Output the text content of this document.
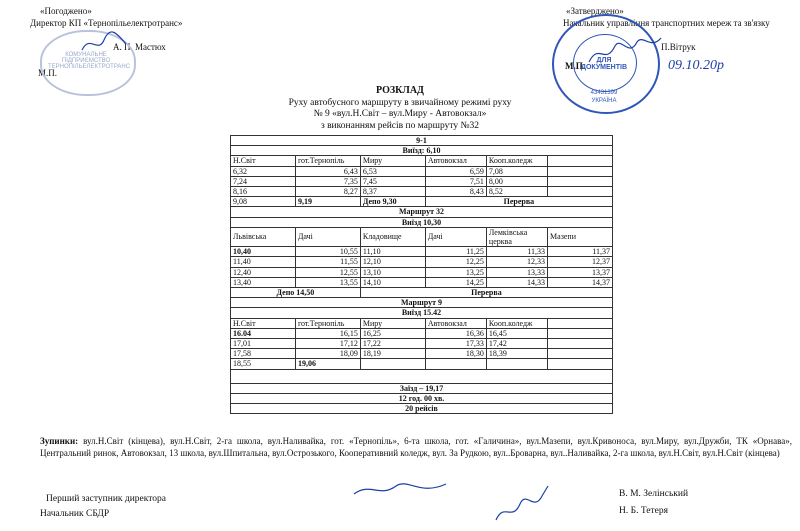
«Погоджено»
Директор КП «Тернопільелектротранс»
А. П. Мастюх
М.П.
КОМУНАЛЬНЕ ПІДПРИЄМСТВО ТЕРНОПІЛЬЕЛЕКТРОТРАНС
«Затверджено»
Начальник управління транспортних мереж та зв'язку
П.Вітрук
М.П.
ДЛЯ ДОКУМЕНТІВ
43431399
УКРАЇНА
09.10.20р
РОЗКЛАД
Руху автобусного маршруту в звичайному режимі руху
№ 9 «вул.Н.Світ – вул.Миру - Автовокзал»
з виконанням рейсів по маршруту №32
9-1					
Виїзд: 6,10					
Н.Світ	гот.Тернопіль	Миру	Автовокзал	Кооп.коледж	
6,32	6,43	6,53	6,59	7,08	
7,24	7,35	7,45	7,51	8,00	
8,16	8,27	8,37	8,43	8,52	
9,08	9,19	Депо 9,30	Перерва		
Маршрут 32					
Виїзд 10,30					
Львівська	Дачі	Кладовище	Дачі	Лемківська церква	Мазепи
10,40	10,55	11,10	11,25	11,33	11,37
11,40	11,55	12,10	12,25	12,33	12,37
12,40	12,55	13,10	13,25	13,33	13,37
13,40	13,55	14,10	14,25	14,33	14,37
Депо 14,50		Перерва			
Маршрут 9					
Виїзд 15.42					
Н.Світ	гот.Тернопіль	Миру	Автовокзал	Кооп.коледж	
16.04	16,15	16,25	16,36	16,45	
17,01	17,12	17,22	17,33	17,42	
17,58	18,09	18,19	18,30	18,39	
18,55	19,06				

Заїзд – 19,17					
12 год. 00 хв.					
20 рейсів					
Зупинки: вул.Н.Світ (кінцева), вул.Н.Світ, 2-га школа, вул.Наливайка, гот. «Тернопіль», 6-та школа, гот. «Галичина», вул.Мазепи, вул.Кривоноса, вул.Миру, вул.Дружби, ТК «Орнава», Центральний ринок, Автовокзал, 13 школа, вул.Шпитальна, вул.Острозького, Кооперативний коледж, вул. За Рудкою, вул..Броварна, вул..Наливайка, 2-га школа, вул.Н.Світ, вул.Н.Світ (кінцева)
Перший заступник директора
Начальник СБДР
В. М. Зелінський
Н. Б. Тетеря
